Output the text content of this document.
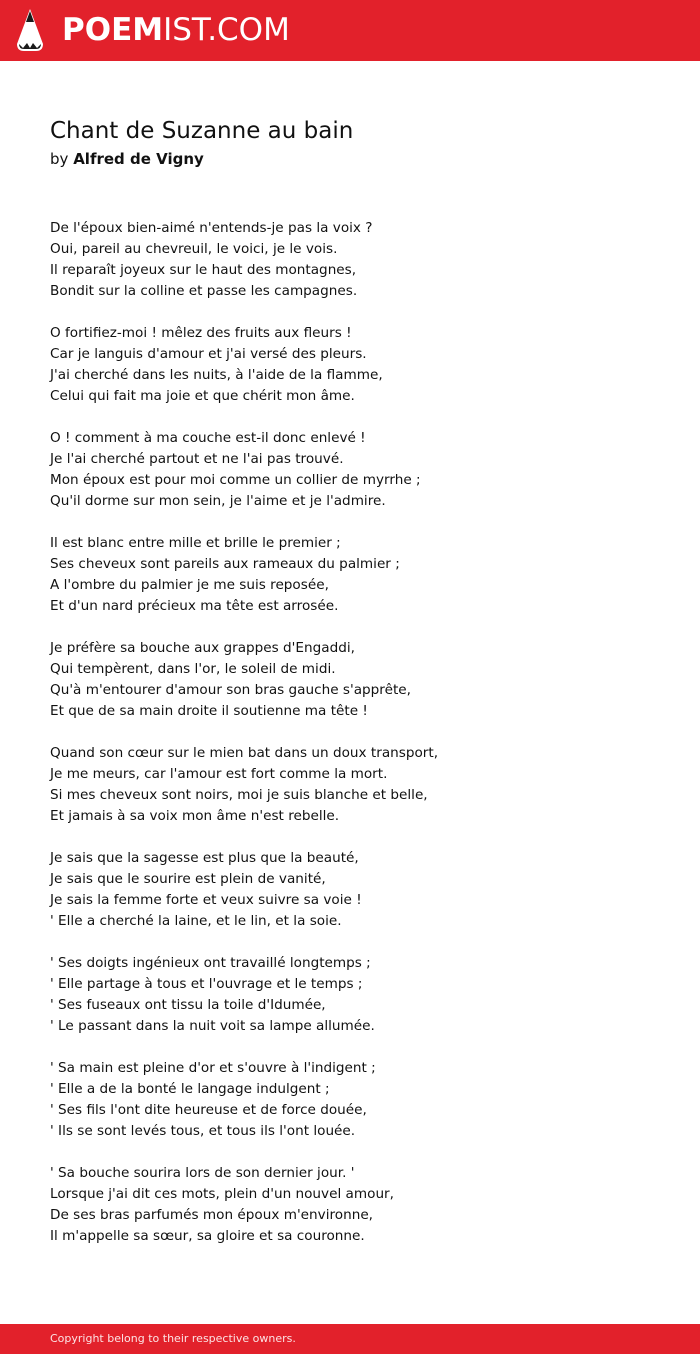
POEMIST.COM
Chant de Suzanne au bain
by Alfred de Vigny
De l'époux bien-aimé n'entends-je pas la voix ?
Oui, pareil au chevreuil, le voici, je le vois.
Il reparaît joyeux sur le haut des montagnes,
Bondit sur la colline et passe les campagnes.
O fortifiez-moi ! mêlez des fruits aux fleurs !
Car je languis d'amour et j'ai versé des pleurs.
J'ai cherché dans les nuits, à l'aide de la flamme,
Celui qui fait ma joie et que chérit mon âme.
O ! comment à ma couche est-il donc enlevé !
Je l'ai cherché partout et ne l'ai pas trouvé.
Mon époux est pour moi comme un collier de myrrhe ;
Qu'il dorme sur mon sein, je l'aime et je l'admire.
Il est blanc entre mille et brille le premier ;
Ses cheveux sont pareils aux rameaux du palmier ;
A l'ombre du palmier je me suis reposée,
Et d'un nard précieux ma tête est arrosée.
Je préfère sa bouche aux grappes d'Engaddi,
Qui tempèrent, dans l'or, le soleil de midi.
Qu'à m'entourer d'amour son bras gauche s'apprête,
Et que de sa main droite il soutienne ma tête !
Quand son cœur sur le mien bat dans un doux transport,
Je me meurs, car l'amour est fort comme la mort.
Si mes cheveux sont noirs, moi je suis blanche et belle,
Et jamais à sa voix mon âme n'est rebelle.
Je sais que la sagesse est plus que la beauté,
Je sais que le sourire est plein de vanité,
Je sais la femme forte et veux suivre sa voie !
' Elle a cherché la laine, et le lin, et la soie.
' Ses doigts ingénieux ont travaillé longtemps ;
' Elle partage à tous et l'ouvrage et le temps ;
' Ses fuseaux ont tissu la toile d'Idumée,
' Le passant dans la nuit voit sa lampe allumée.
' Sa main est pleine d'or et s'ouvre à l'indigent ;
' Elle a de la bonté le langage indulgent ;
' Ses fils l'ont dite heureuse et de force douée,
' Ils se sont levés tous, et tous ils l'ont louée.
' Sa bouche sourira lors de son dernier jour. '
Lorsque j'ai dit ces mots, plein d'un nouvel amour,
De ses bras parfumés mon époux m'environne,
Il m'appelle sa sœur, sa gloire et sa couronne.
Copyright belong to their respective owners.
